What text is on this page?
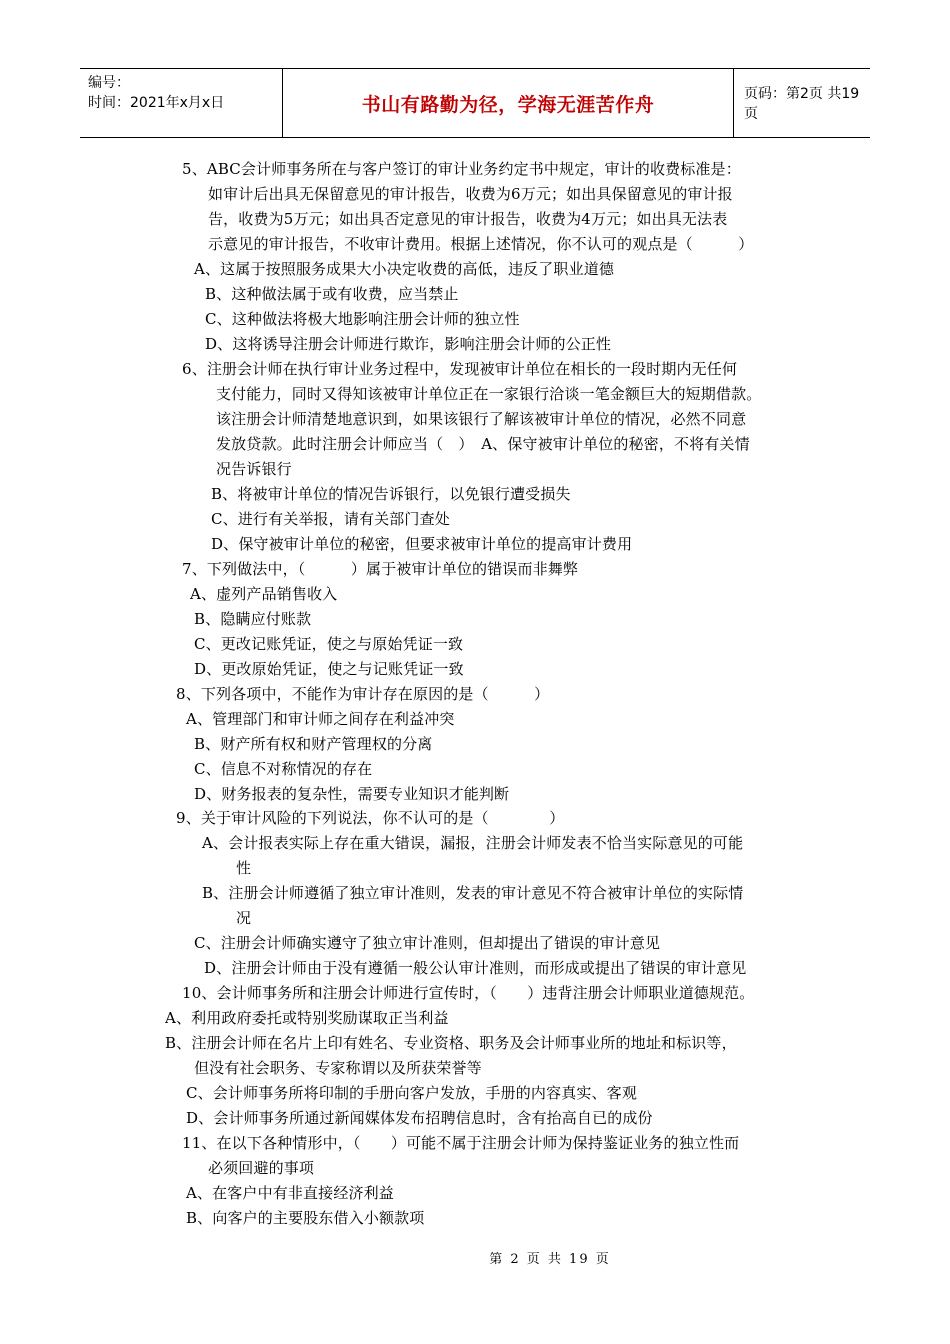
编号：
时间：2021年x月x日	书山有路勤为径，学海无涯苦作舟	页码：第2页 共19页
5、ABC会计师事务所在与客户签订的审计业务约定书中规定，审计的收费标准是：
如审计后出具无保留意见的审计报告，收费为6万元；如出具保留意见的审计报
告，收费为5万元；如出具否定意见的审计报告，收费为4万元；如出具无法表
示意见的审计报告，不收审计费用。根据上述情况，你不认可的观点是（　　　）
A、这属于按照服务成果大小决定收费的高低，违反了职业道德
B、这种做法属于或有收费，应当禁止
C、这种做法将极大地影响注册会计师的独立性
D、这将诱导注册会计师进行欺诈，影响注册会计师的公正性
6、注册会计师在执行审计业务过程中，发现被审计单位在相长的一段时期内无任何
支付能力，同时又得知该被审计单位正在一家银行洽谈一笔金额巨大的短期借款。
该注册会计师清楚地意识到，如果该银行了解该被审计单位的情况，必然不同意
发放贷款。此时注册会计师应当（　）　A、保守被审计单位的秘密，不将有关情
况告诉银行
B、将被审计单位的情况告诉银行，以免银行遭受损失
C、进行有关举报，请有关部门查处
D、保守被审计单位的秘密，但要求被审计单位的提高审计费用
7、下列做法中，（　　　）属于被审计单位的错误而非舞弊
A、虚列产品销售收入
B、隐瞒应付账款
C、更改记账凭证，使之与原始凭证一致
D、更改原始凭证，使之与记账凭证一致
8、下列各项中，不能作为审计存在原因的是（　　　）
A、管理部门和审计师之间存在利益冲突
B、财产所有权和财产管理权的分离
C、信息不对称情况的存在
D、财务报表的复杂性，需要专业知识才能判断
9、关于审计风险的下列说法，你不认可的是（　　　　）
A、会计报表实际上存在重大错误，漏报，注册会计师发表不恰当实际意见的可能
性
B、注册会计师遵循了独立审计准则，发表的审计意见不符合被审计单位的实际情
况
C、注册会计师确实遵守了独立审计准则，但却提出了错误的审计意见
D、注册会计师由于没有遵循一般公认审计准则，而形成或提出了错误的审计意见
10、会计师事务所和注册会计师进行宣传时，（　　）违背注册会计师职业道德规范。
A、利用政府委托或特别奖励谋取正当利益
B、注册会计师在名片上印有姓名、专业资格、职务及会计师事业所的地址和标识等，
但没有社会职务、专家称谓以及所获荣誉等
C、会计师事务所将印制的手册向客户发放，手册的内容真实、客观
D、会计师事务所通过新闻媒体发布招聘信息时，含有抬高自已的成份
11、在以下各种情形中，（　　）可能不属于注册会计师为保持鉴证业务的独立性而
必须回避的事项
A、在客户中有非直接经济利益
B、向客户的主要股东借入小额款项
第 2 页 共 19 页
